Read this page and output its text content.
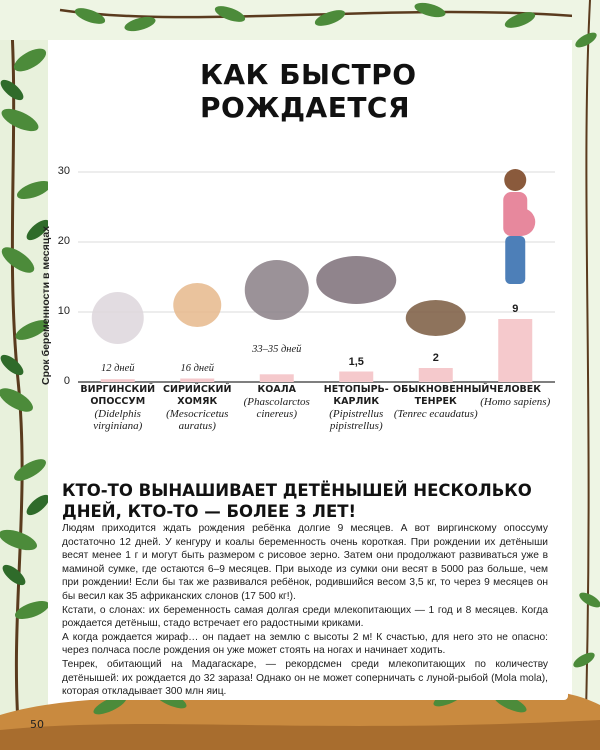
КАК БЫСТРО РОЖДАЕТСЯ
Срок беременности в месяцах	0
10
20
30
12 дней	16 дней
33–35 дней
1,5	2
9
ВИРГИНСКИЙ ОПОССУМ
(Didelphis virginiana)
СИРИЙСКИЙ ХОМЯК
(Mesocricetus auratus)
КОАЛА
(Phascolarctos cinereus)
НЕТОПЫРЬ-КАРЛИК
(Pipistrellus pipistrellus)
ОБЫКНОВЕННЫЙ ТЕНРЕК
(Tenrec ecaudatus)
ЧЕЛОВЕК
(Homo sapiens)
КТО-ТО ВЫНАШИВАЕТ ДЕТЁНЫШЕЙ НЕСКОЛЬКО ДНЕЙ, КТО-ТО — БОЛЕЕ 3 ЛЕТ!

Людям приходится ждать рождения ребёнка долгие 9 месяцев. А вот виргинскому опоссуму достаточно 12 дней. У кенгуру и коалы беременность очень короткая. При рождении их детёныши весят менее 1 г и могут быть размером с рисовое зерно. Затем они продолжают развиваться уже в маминой сумке, где остаются 6–9 месяцев. При выходе из сумки они весят в 5000 раз больше, чем при рождении! Если бы так же развивался ребёнок, родившийся весом 3,5 кг, то через 9 месяцев он бы весил как 35 африканских слонов (17 500 кг!).

Кстати, о слонах: их беременность самая долгая среди млекопитающих — 1 год и 8 месяцев. Когда рождается детёныш, стадо встречает его радостными криками.

А когда рождается жираф… он падает на землю с высоты 2 м! К счастью, для него это не опасно: через полчаса после рождения он уже может стоять на ногах и начинает ходить.

Тенрек, обитающий на Мадагаскаре, — рекордсмен среди млекопитающих по количеству детёнышей: их рождается до 32 заразa! Однако он не может соперничать с луной-рыбой (Mola mola), которая откладывает 300 млн яиц.

50
